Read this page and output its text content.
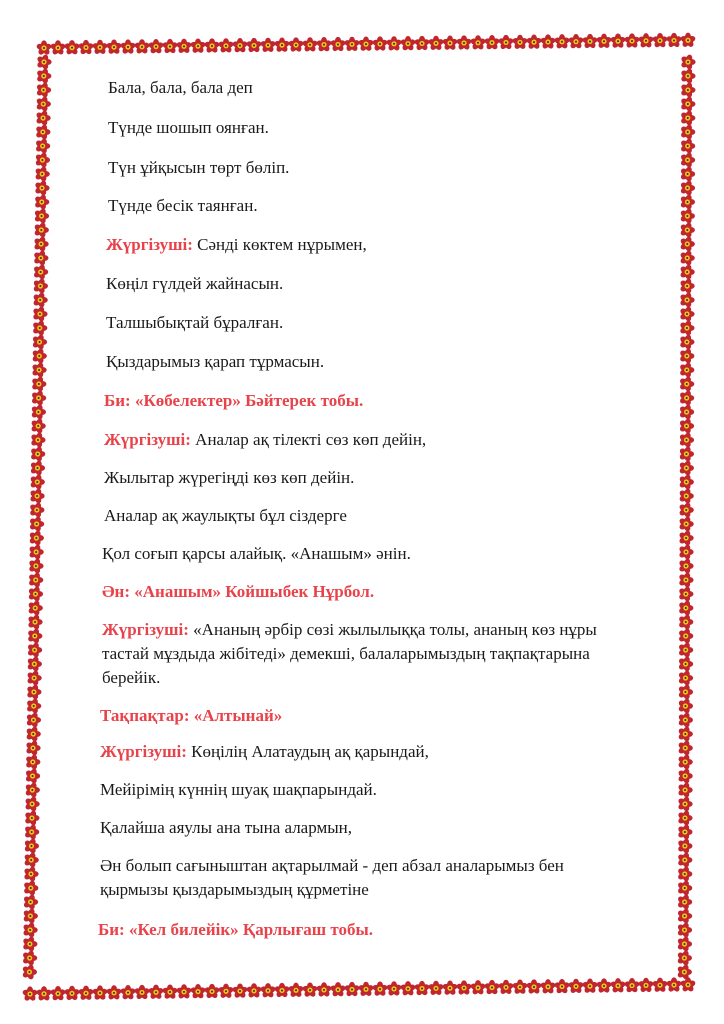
Бала, бала, бала деп
Түнде шошып оянған.
Түн ұйқысын төрт бөліп.
Түнде бесік таянған.
Жүргізуші: Сәнді көктем нұрымен,
Көңіл гүлдей жайнасын.
Талшыбықтай бұралған.
Қыздарымыз қарап тұрмасын.
Би: «Көбелектер» Бәйтерек тобы.
Жүргізуші: Аналар ақ тілекті сөз көп дейін,
Жылытар жүрегіңді көз көп дейін.
Аналар ақ жаулықты бұл сіздерге
Қол соғып қарсы алайық. «Анашым» әнін.
Ән: «Анашым» Койшыбек Нұрбол.
Жүргізуші: «Ананың әрбір сөзі жылылыққа толы, ананың көз нұры тастай мұздыда жібітеді» демекші, балаларымыздың тақпақтарына берейік.
Тақпақтар: «Алтынай»
Жүргізуші: Көңілің Алатаудың ақ қарындай,
Мейірімің күннің шуақ шақпарындай.
Қалайша аяулы ана тына алармын,
Ән болып сағыныштан ақтарылмай - деп абзал аналарымыз бен қырмызы қыздарымыздың құрметіне
Би: «Кел билейік» Қарлығаш тобы.
